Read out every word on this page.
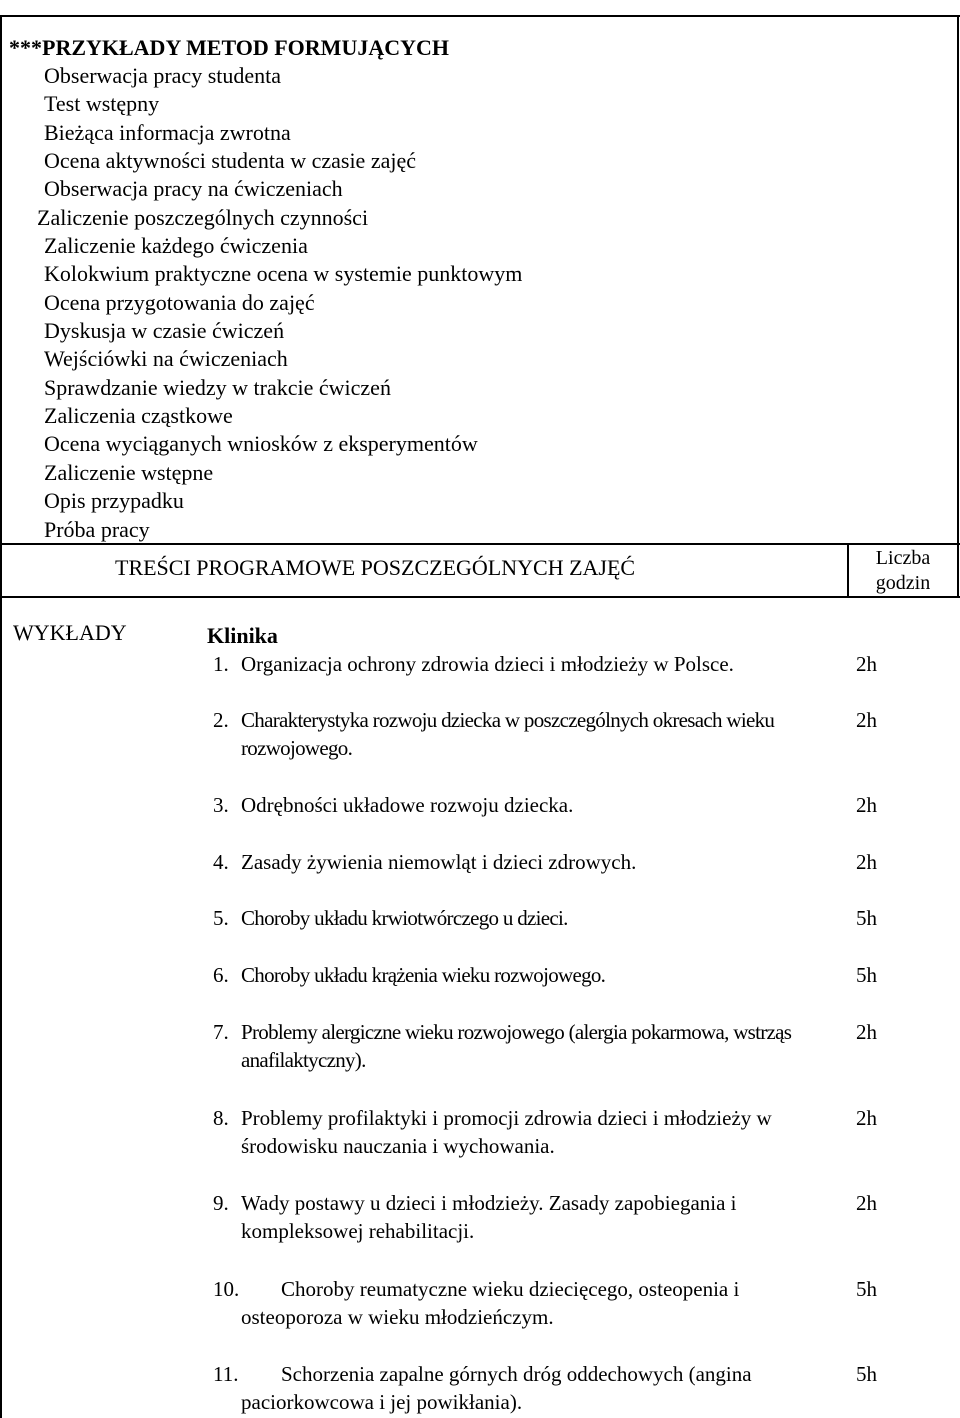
***PRZYKŁADY METOD FORMUJĄCYCH
Obserwacja pracy studenta
Test wstępny
Bieżąca informacja zwrotna
Ocena aktywności studenta w czasie zajęć
Obserwacja pracy na ćwiczeniach
Zaliczenie poszczególnych czynności
Zaliczenie każdego ćwiczenia
Kolokwium praktyczne ocena w systemie punktowym
Ocena przygotowania do zajęć
Dyskusja w czasie ćwiczeń
Wejściówki na ćwiczeniach
Sprawdzanie wiedzy w trakcie ćwiczeń
Zaliczenia cząstkowe
Ocena wyciąganych wniosków z eksperymentów
Zaliczenie wstępne
Opis przypadku
Próba pracy
TREŚCI PROGRAMOWE POSZCZEGÓLNYCH ZAJĘĆ	Liczba
godzin
WYKŁADY	Klinika
1. Organizacja ochrony zdrowia dzieci i młodzieży w Polsce.	2h
2. Charakterystyka rozwoju dziecka w poszczególnych okresach wieku rozwojowego.
2h
3. Odrębności układowe rozwoju dziecka.	2h
4. Zasady żywienia niemowląt i dzieci zdrowych.	2h
5. Choroby układu krwiotwórczego u dzieci.	5h
6. Choroby układu krążenia wieku rozwojowego.	5h
7. Problemy alergiczne wieku rozwojowego (alergia pokarmowa, wstrząs anafilaktyczny).
2h
8. Problemy profilaktyki i promocji zdrowia dzieci i młodzieży w środowisku nauczania i wychowania.
2h
9. Wady postawy u dzieci i młodzieży. Zasady zapobiegania i kompleksowej rehabilitacji.
2h
10.	Choroby reumatyczne wieku dziecięcego, osteopenia i osteoporoza w wieku młodzieńczym.
5h
11.	Schorzenia zapalne górnych dróg oddechowych (angina paciorkowcowa i jej powikłania).
5h
